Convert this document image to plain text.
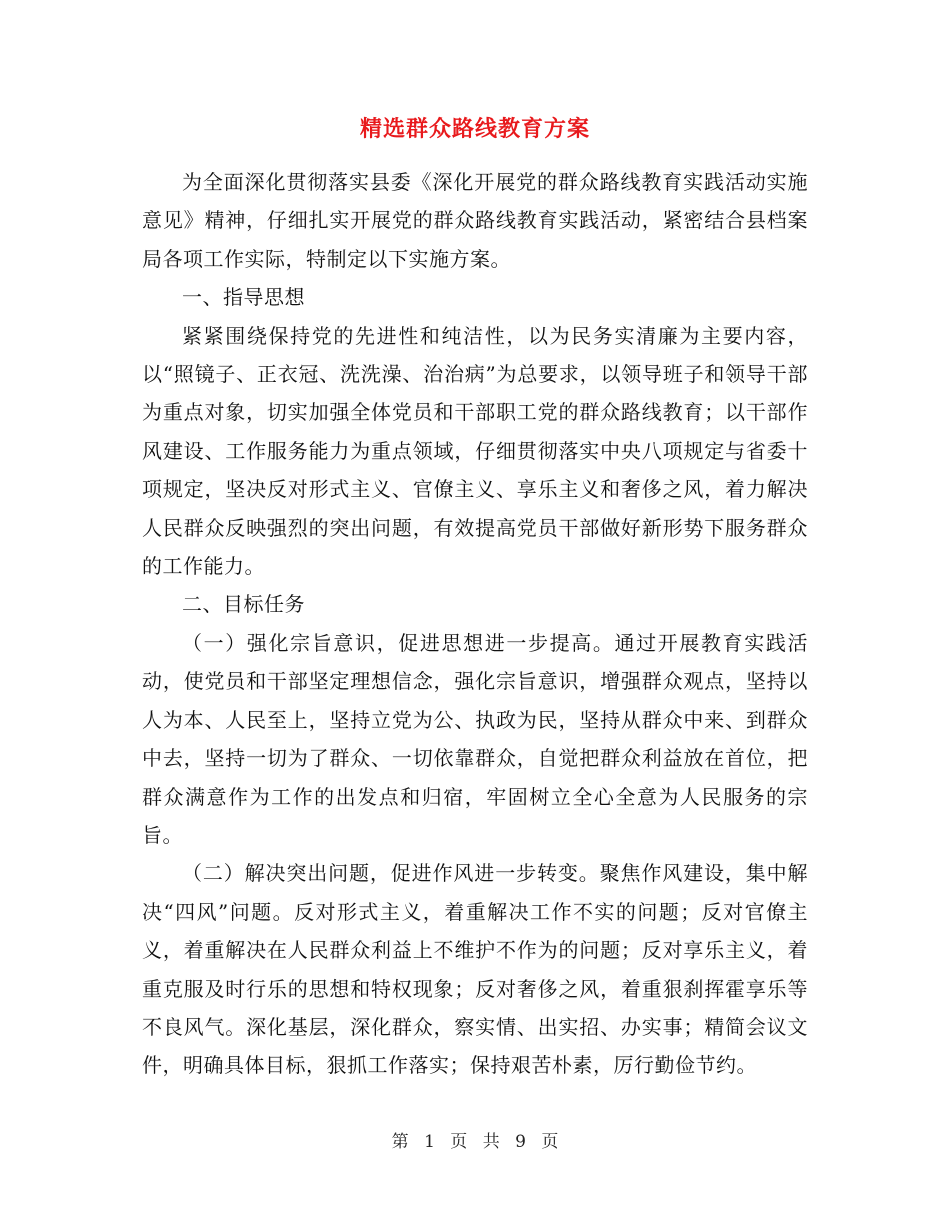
精选群众路线教育方案

为全面深化贯彻落实县委《深化开展党的群众路线教育实践活动实施意见》精神，仔细扎实开展党的群众路线教育实践活动，紧密结合县档案局各项工作实际，特制定以下实施方案。

一、指导思想

紧紧围绕保持党的先进性和纯洁性，以为民务实清廉为主要内容，以“照镜子、正衣冠、洗洗澡、治治病”为总要求，以领导班子和领导干部为重点对象，切实加强全体党员和干部职工党的群众路线教育；以干部作风建设、工作服务能力为重点领域，仔细贯彻落实中央八项规定与省委十项规定，坚决反对形式主义、官僚主义、享乐主义和奢侈之风，着力解决人民群众反映强烈的突出问题，有效提高党员干部做好新形势下服务群众的工作能力。

二、目标任务

（一）强化宗旨意识，促进思想进一步提高。通过开展教育实践活动，使党员和干部坚定理想信念，强化宗旨意识，增强群众观点，坚持以人为本、人民至上，坚持立党为公、执政为民，坚持从群众中来、到群众中去，坚持一切为了群众、一切依靠群众，自觉把群众利益放在首位，把群众满意作为工作的出发点和归宿，牢固树立全心全意为人民服务的宗旨。

（二）解决突出问题，促进作风进一步转变。聚焦作风建设，集中解决“四风”问题。反对形式主义，着重解决工作不实的问题；反对官僚主义，着重解决在人民群众利益上不维护不作为的问题；反对享乐主义，着重克服及时行乐的思想和特权现象；反对奢侈之风，着重狠刹挥霍享乐等不良风气。深化基层，深化群众，察实情、出实招、办实事；精简会议文件，明确具体目标，狠抓工作落实；保持艰苦朴素，厉行勤俭节约。

第 1 页 共 9 页
